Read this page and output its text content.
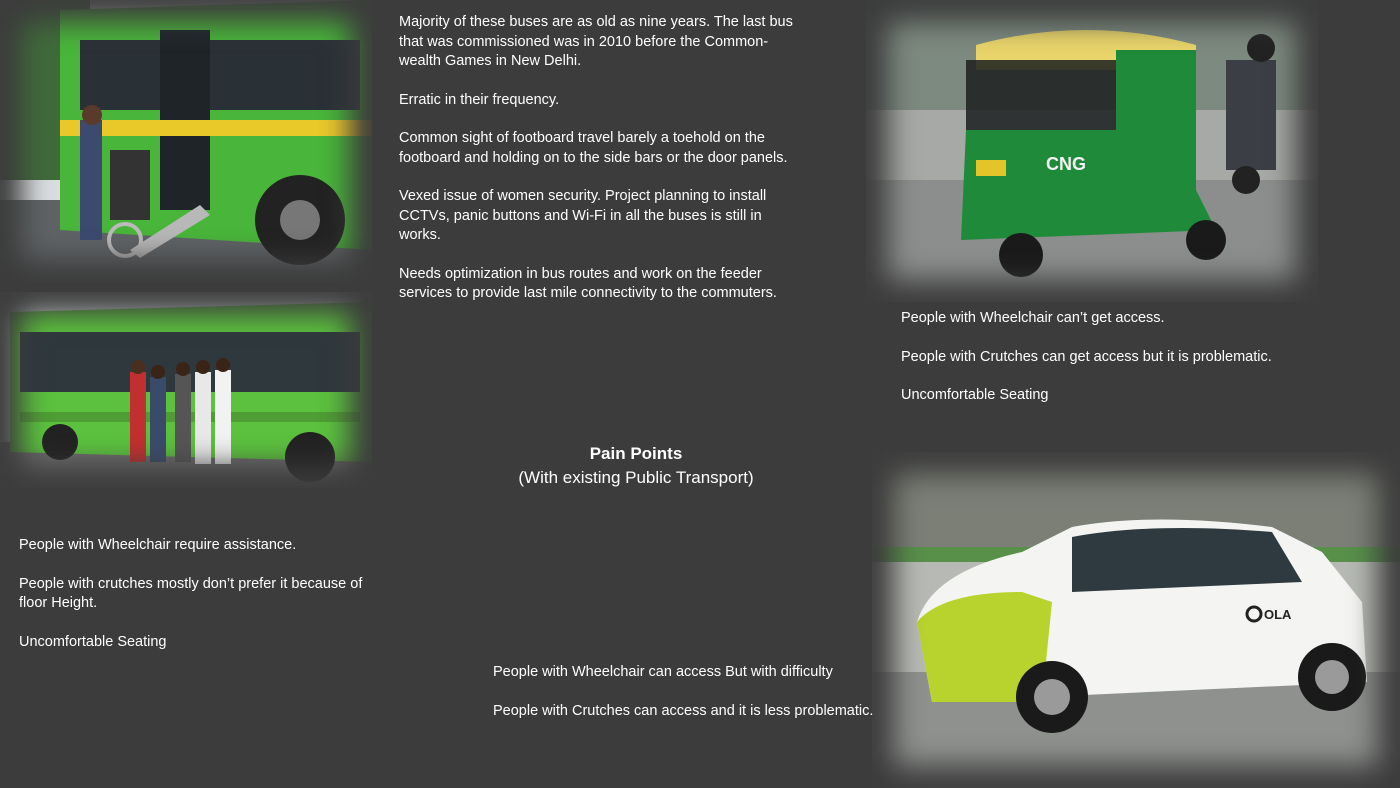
CNG
OLA

Majority of these buses are as old as nine years. The last bus that was commissioned was in 2010 before the Common-wealth Games in New Delhi.

Erratic in their frequency.

Common sight of footboard travel barely a toehold on the footboard and holding on to the side bars or the door panels.

Vexed issue of women security. Project planning to install CCTVs, panic buttons and Wi-Fi in all the buses is still in works.

Needs optimization in bus routes and work on the feeder services to provide last mile connectivity to the commuters.

People with Wheelchair can’t get access.

People with Crutches can get access but it is problematic.

Uncomfortable Seating

Pain Points
(With existing Public Transport)

People with Wheelchair require assistance.

People with crutches mostly don’t prefer it because of floor Height.

Uncomfortable Seating

People with Wheelchair can access But with difficulty

People with Crutches can access and it is less problematic.
